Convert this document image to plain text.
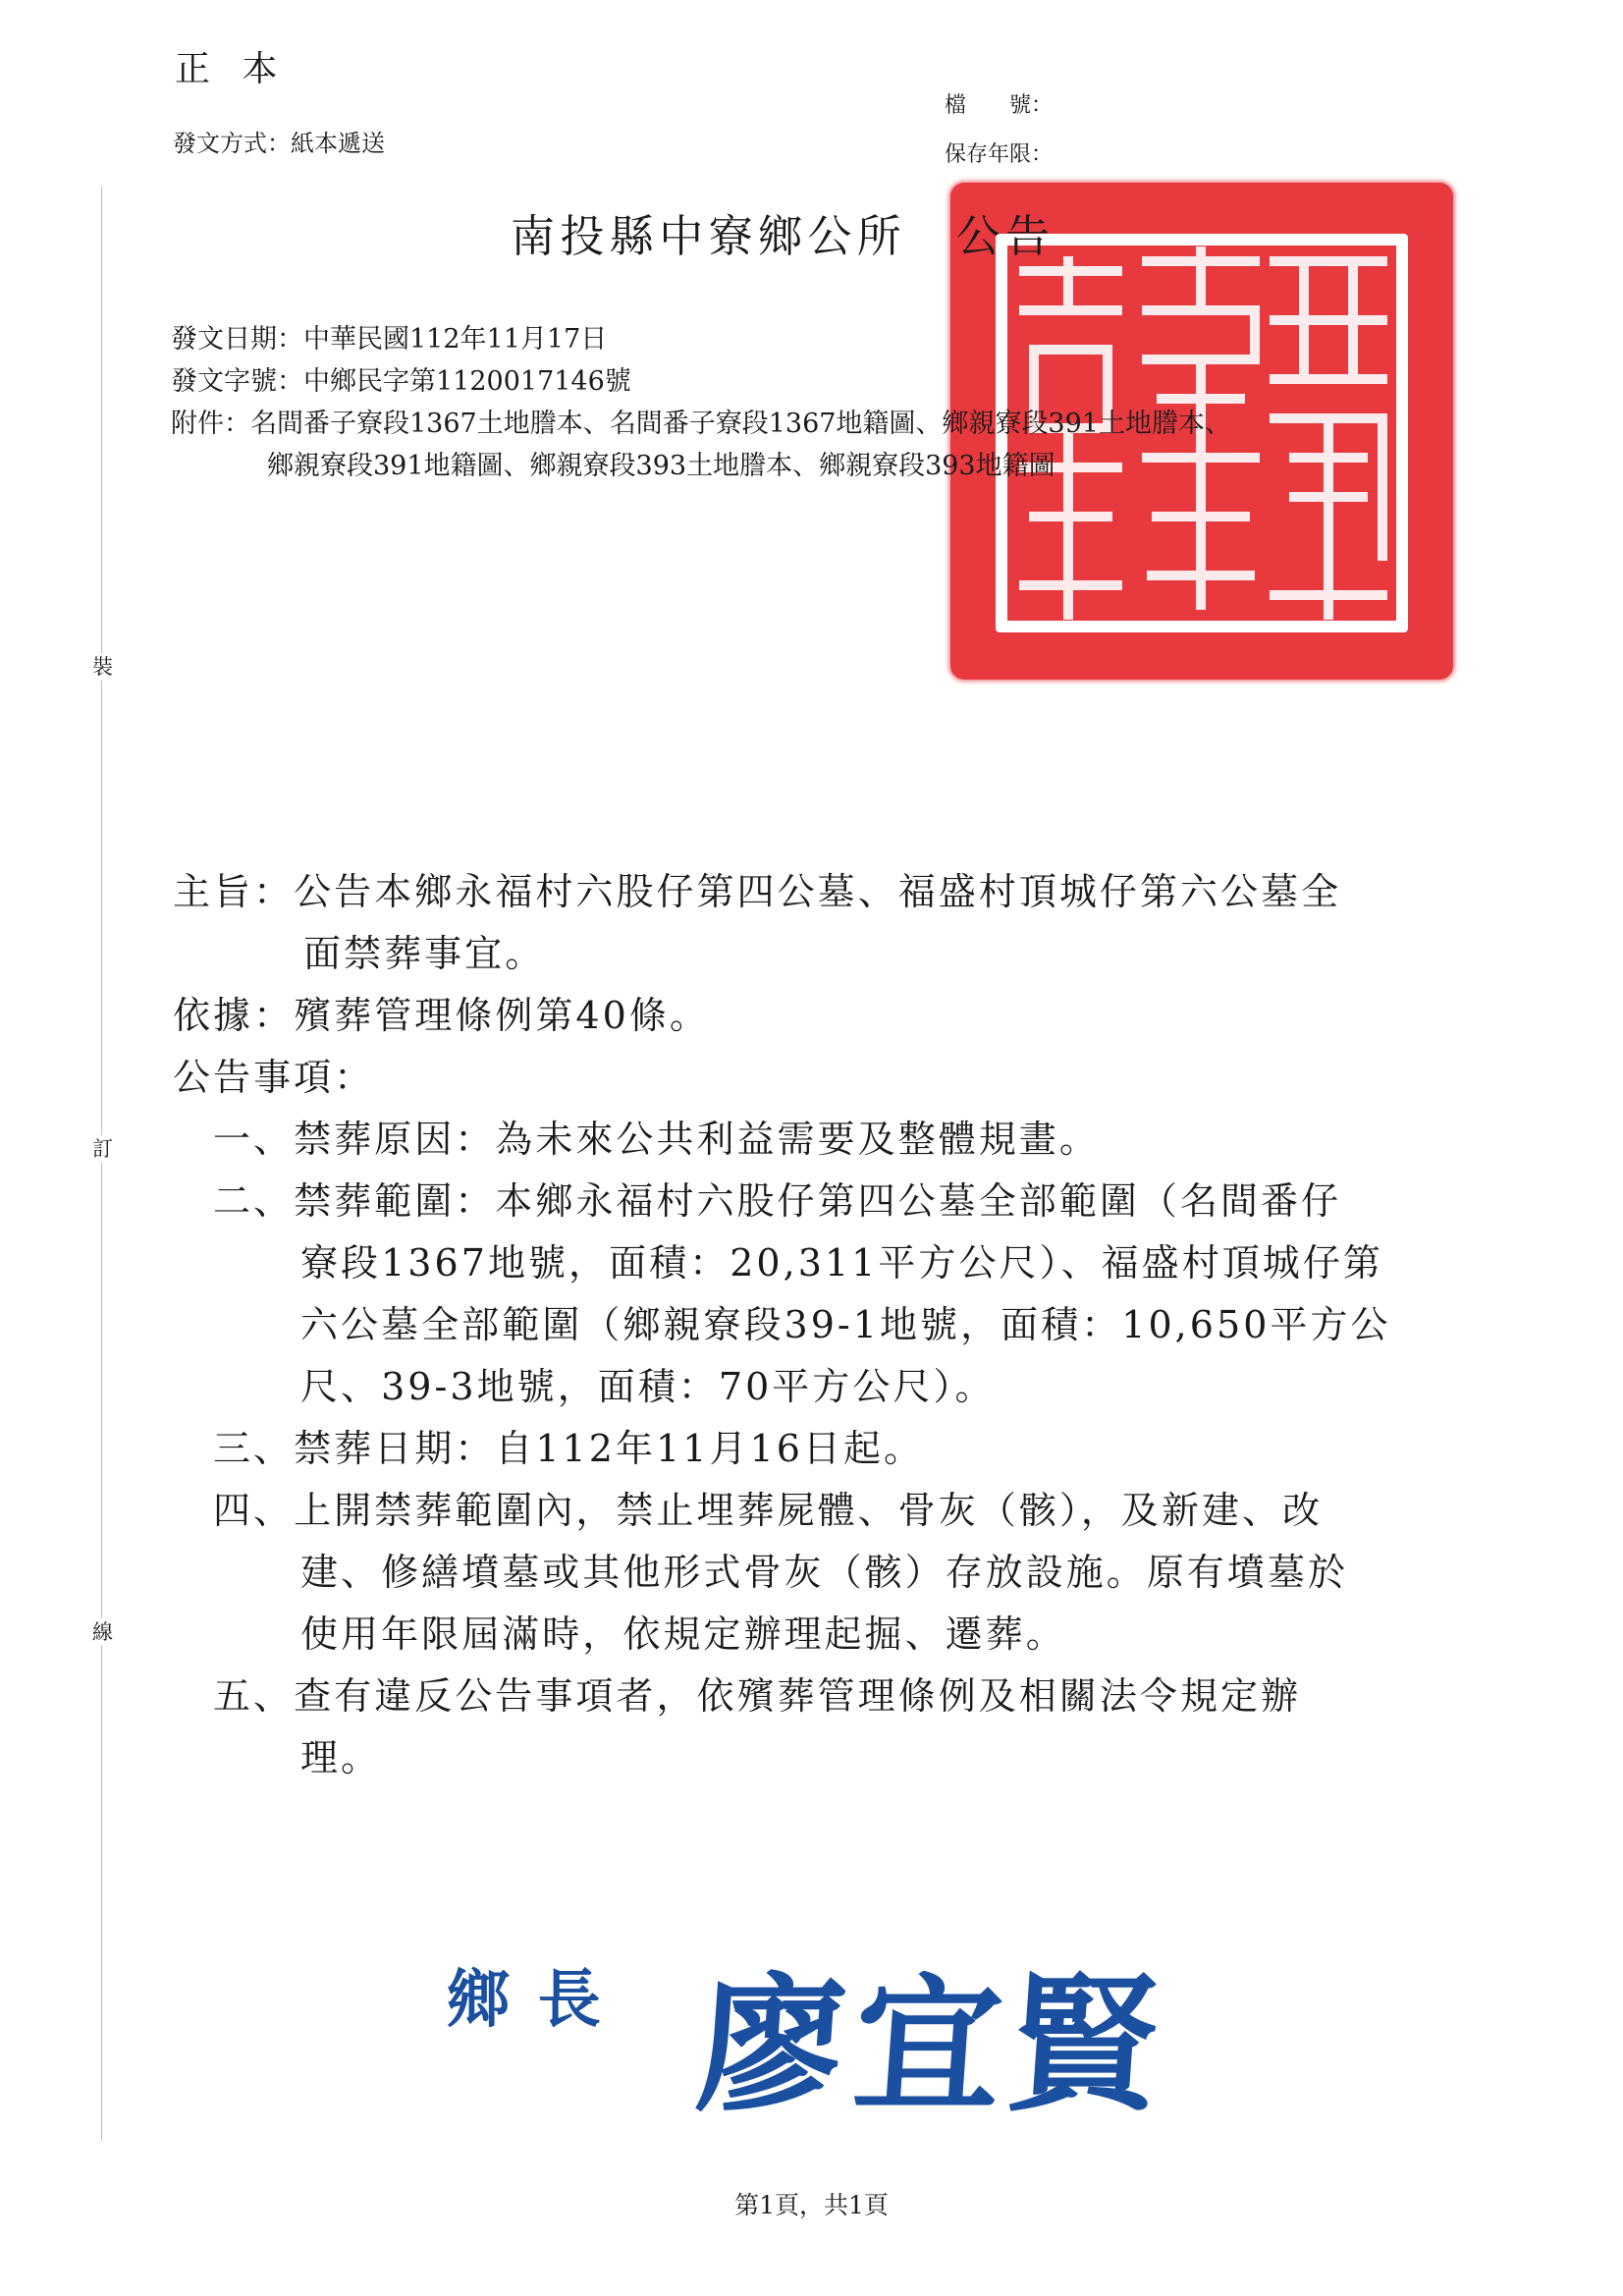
裝
訂
線
正本
發文方式：紙本遞送
檔　　號：
保存年限：
南投縣中寮鄉公所　公告
發文日期：中華民國112年11月17日
發文字號：中鄉民字第1120017146號
附件：名間番子寮段1367土地謄本、名間番子寮段1367地籍圖、鄉親寮段391土地謄本、
鄉親寮段391地籍圖、鄉親寮段393土地謄本、鄉親寮段393地籍圖
主旨：公告本鄉永福村六股仔第四公墓、福盛村頂城仔第六公墓全
面禁葬事宜。
依據：殯葬管理條例第40條。
公告事項：
一、禁葬原因：為未來公共利益需要及整體規畫。
二、禁葬範圍：本鄉永福村六股仔第四公墓全部範圍（名間番仔
寮段1367地號，面積：20,311平方公尺）、福盛村頂城仔第
六公墓全部範圍（鄉親寮段39-1地號，面積：10,650平方公
尺、39-3地號，面積：70平方公尺）。
三、禁葬日期：自112年11月16日起。
四、上開禁葬範圍內，禁止埋葬屍體、骨灰（骸），及新建、改
建、修繕墳墓或其他形式骨灰（骸）存放設施。原有墳墓於
使用年限屆滿時，依規定辦理起掘、遷葬。
五、查有違反公告事項者，依殯葬管理條例及相關法令規定辦
理。
鄉長 廖宜賢
第1頁，共1頁
